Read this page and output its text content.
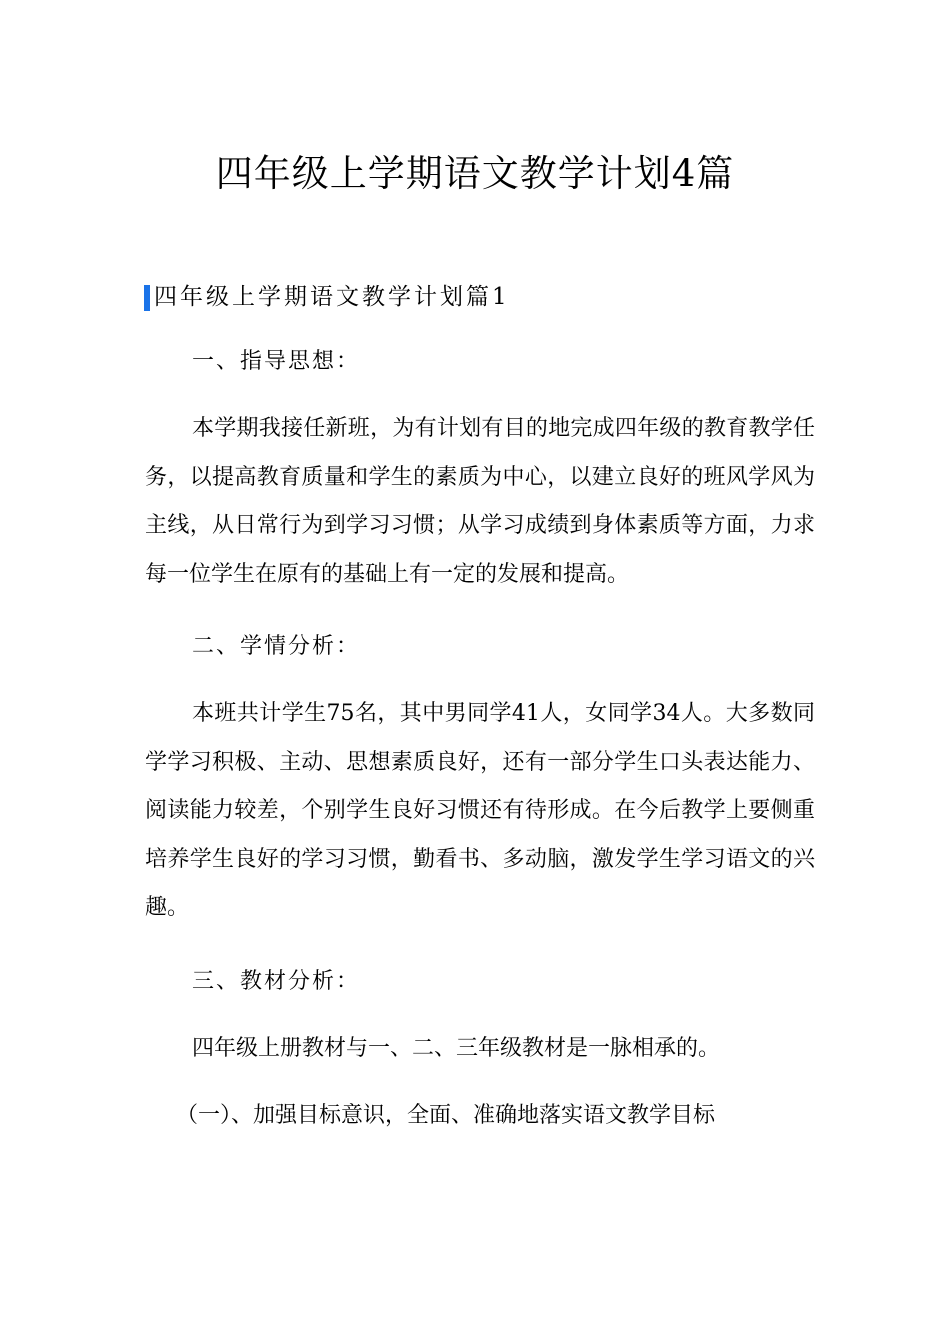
四年级上学期语文教学计划4篇
四年级上学期语文教学计划篇1

一、指导思想：

本学期我接任新班，为有计划有目的地完成四年级的教育教学任务，以提高教育质量和学生的素质为中心，以建立良好的班风学风为主线，从日常行为到学习习惯；从学习成绩到身体素质等方面，力求每一位学生在原有的基础上有一定的发展和提高。

二、学情分析：

本班共计学生75名，其中男同学41人，女同学34人。大多数同学学习积极、主动、思想素质良好，还有一部分学生口头表达能力、阅读能力较差，个别学生良好习惯还有待形成。在今后教学上要侧重培养学生良好的学习习惯，勤看书、多动脑，激发学生学习语文的兴趣。

三、教材分析：

四年级上册教材与一、二、三年级教材是一脉相承的。

（一）、加强目标意识，全面、准确地落实语文教学目标
